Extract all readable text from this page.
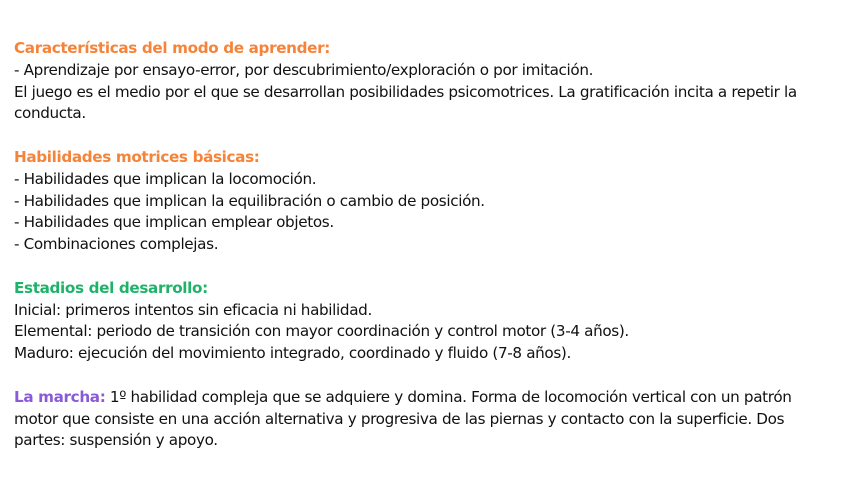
Características del modo de aprender:
- Aprendizaje por ensayo-error, por descubrimiento/exploración o por imitación.
El juego es el medio por el que se desarrollan posibilidades psicomotrices. La gratificación incita a repetir la conducta.
Habilidades motrices básicas:
- Habilidades que implican la locomoción.
- Habilidades que implican la equilibración o cambio de posición.
- Habilidades que implican emplear objetos.
- Combinaciones complejas.
Estadios del desarrollo:
Inicial: primeros intentos sin eficacia ni habilidad.
Elemental: periodo de transición con mayor coordinación y control motor (3-4 años).
Maduro: ejecución del movimiento integrado, coordinado y fluido (7-8 años).
La marcha: 1º habilidad compleja que se adquiere y domina. Forma de locomoción vertical con un patrón motor que consiste en una acción alternativa y progresiva de las piernas y contacto con la superficie. Dos partes: suspensión y apoyo.
